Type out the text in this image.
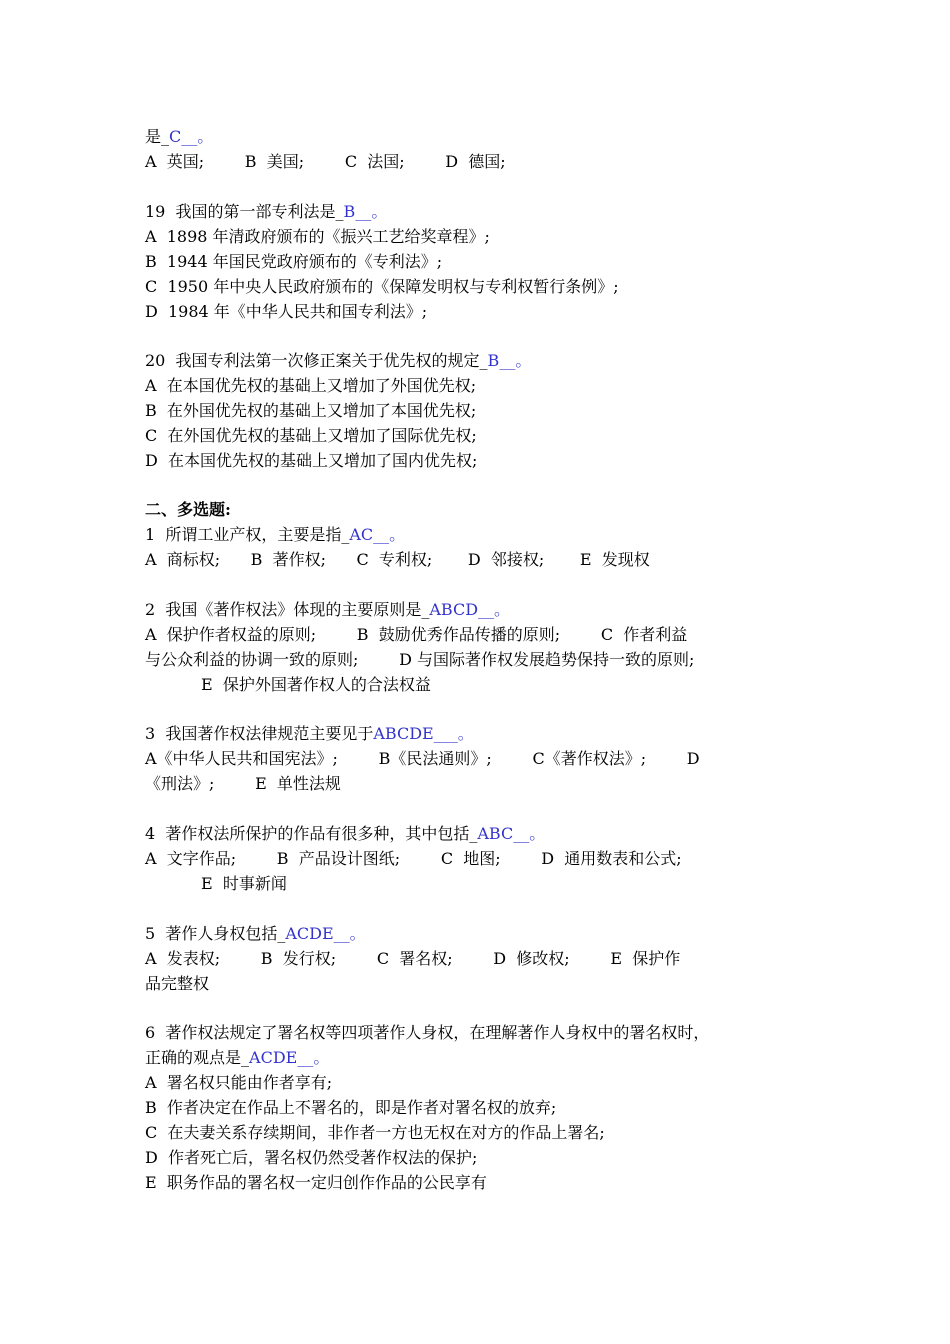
是_C__。

A  英国;        B  美国;        C  法国;        D  德国;

19  我国的第一部专利法是_B__。

A  1898 年清政府颁布的《振兴工艺给奖章程》;

B  1944 年国民党政府颁布的《专利法》;

C  1950 年中央人民政府颁布的《保障发明权与专利权暂行条例》;

D  1984 年《中华人民共和国专利法》;

20  我国专利法第一次修正案关于优先权的规定_B__。

A  在本国优先权的基础上又增加了外国优先权;

B  在外国优先权的基础上又增加了本国优先权;

C  在外国优先权的基础上又增加了国际优先权;

D  在本国优先权的基础上又增加了国内优先权;

二、多选题:

1  所谓工业产权，主要是指_AC__。

A  商标权;      B  著作权;      C  专利权;       D  邻接权;       E  发现权

2  我国《著作权法》体现的主要原则是_ABCD__。

A  保护作者权益的原则;        B  鼓励优秀作品传播的原则;        C  作者利益

与公众利益的协调一致的原则;        D 与国际著作权发展趋势保持一致的原则;

E  保护外国著作权人的合法权益

3  我国著作权法律规范主要见于ABCDE___。

A《中华人民共和国宪法》;        B《民法通则》;        C《著作权法》;        D

《刑法》;        E  单性法规

4  著作权法所保护的作品有很多种，其中包括_ABC__。

A  文字作品;        B  产品设计图纸;        C  地图;        D  通用数表和公式;

E  时事新闻

5  著作人身权包括_ACDE__。

A  发表权;        B  发行权;        C  署名权;        D  修改权;        E  保护作

品完整权

6  著作权法规定了署名权等四项著作人身权，在理解著作人身权中的署名权时，

正确的观点是_ACDE__。

A  署名权只能由作者享有;

B  作者决定在作品上不署名的，即是作者对署名权的放弃;

C  在夫妻关系存续期间，非作者一方也无权在对方的作品上署名;

D  作者死亡后，署名权仍然受著作权法的保护;

E  职务作品的署名权一定归创作作品的公民享有
